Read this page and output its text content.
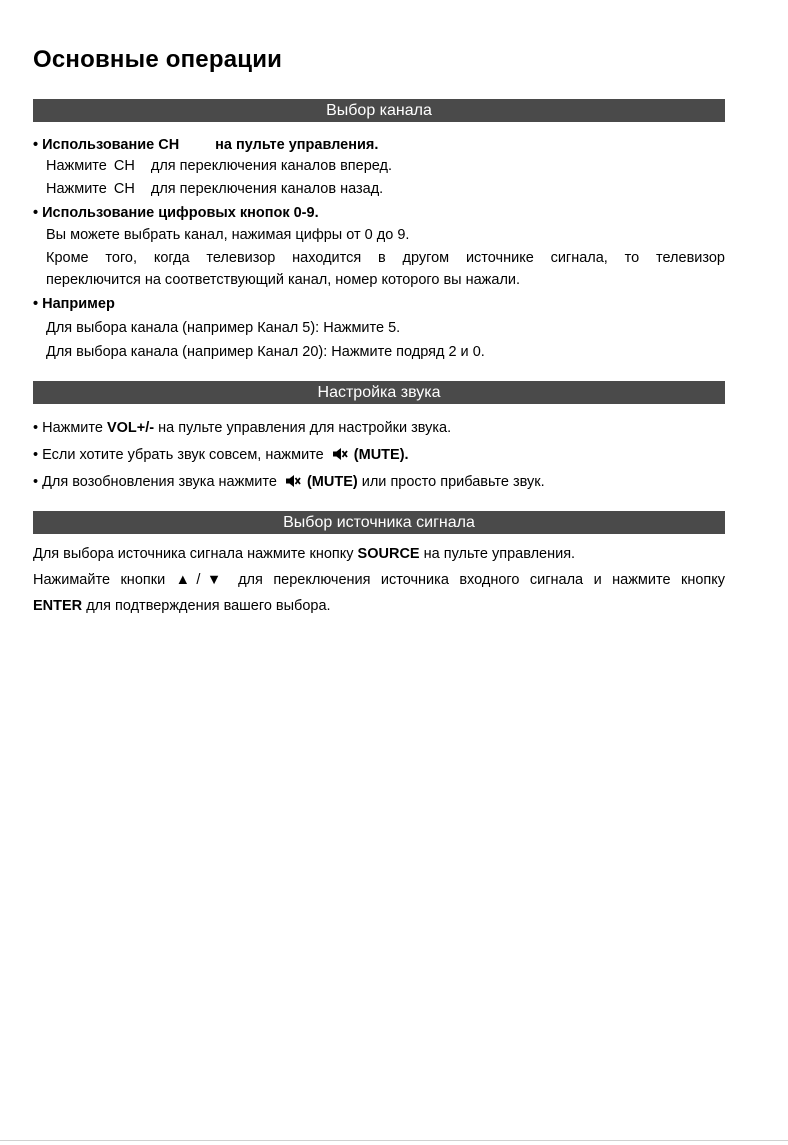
Основные операции
Выбор канала
• Использование CH на пульте управления.
Нажмите CH для переключения каналов вперед.
Нажмите CH для переключения каналов назад.
• Использование цифровых кнопок 0-9.
Вы можете выбрать канал, нажимая цифры от 0 до 9.
Кроме того, когда телевизор находится в другом источнике сигнала, то телевизор
переключится на соответствующий канал, номер которого вы нажали.
• Например
Для выбора канала (например Канал 5): Нажмите 5.
Для выбора канала (например Канал 20): Нажмите подряд 2 и 0.
Настройка звука
• Нажмите VOL+/- на пульте управления для настройки звука.
• Если хотите убрать звук совсем, нажмите (MUTE).
• Для возобновления звука нажмите (MUTE) или просто прибавьте звук.
Выбор источника сигнала
Для выбора источника сигнала нажмите кнопку SOURCE на пульте управления.
Нажимайте кнопки ▲/▼ для переключения источника входного сигнала и нажмите кнопку
ENTER для подтверждения вашего выбора.
